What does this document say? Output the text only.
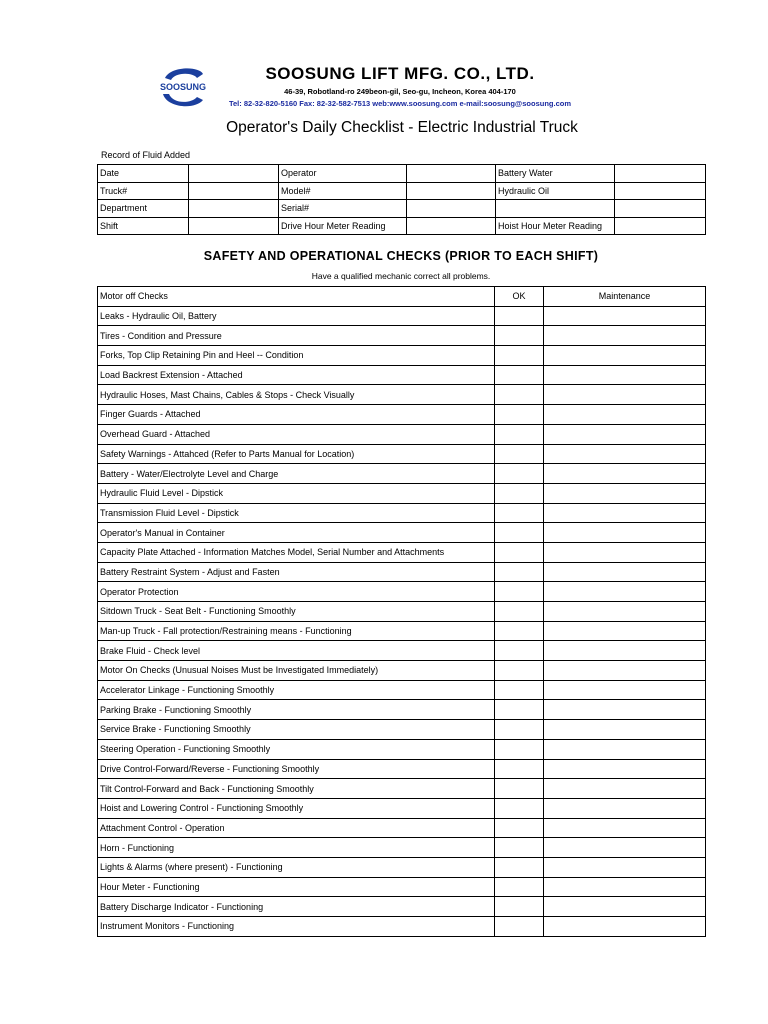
SOOSUNG
SOOSUNG LIFT MFG. CO., LTD.
46-39, Robotland-ro 249beon-gil, Seo-gu, Incheon, Korea 404-170
Tel: 82-32-820-5160 Fax: 82-32-582-7513 web:www.soosung.com e-mail:soosung@soosung.com
Operator's Daily Checklist - Electric Industrial Truck
Record of Fluid Added
Date		Operator		Battery Water	
Truck#		Model#		Hydraulic Oil	
Department		Serial#			
Shift		Drive Hour Meter Reading		Hoist Hour Meter Reading	
SAFETY AND OPERATIONAL CHECKS (PRIOR TO EACH SHIFT)
Have a qualified mechanic correct all problems.
Motor off Checks	OK	Maintenance
Leaks - Hydraulic Oil, Battery		
Tires - Condition and Pressure		
Forks, Top Clip Retaining Pin and Heel -- Condition		
Load Backrest Extension - Attached		
Hydraulic Hoses, Mast Chains, Cables & Stops - Check Visually		
Finger Guards - Attached		
Overhead Guard - Attached		
Safety Warnings - Attahced (Refer to Parts Manual for Location)		
Battery - Water/Electrolyte Level and Charge		
Hydraulic Fluid Level - Dipstick		
Transmission Fluid Level - Dipstick		
Operator's Manual in Container		
Capacity Plate Attached - Information Matches Model, Serial Number and Attachments		
Battery Restraint System - Adjust and Fasten		
Operator Protection		
Sitdown Truck - Seat Belt - Functioning Smoothly		
Man-up Truck - Fall protection/Restraining means - Functioning		
Brake Fluid - Check level		
Motor On Checks (Unusual Noises Must be Investigated Immediately)		
Accelerator Linkage - Functioning Smoothly		
Parking Brake - Functioning Smoothly		
Service Brake - Functioning Smoothly		
Steering Operation - Functioning Smoothly		
Drive Control-Forward/Reverse - Functioning Smoothly		
Tilt Control-Forward and Back - Functioning Smoothly		
Hoist and Lowering Control - Functioning Smoothly		
Attachment Control - Operation		
Horn - Functioning		
Lights & Alarms (where present) - Functioning		
Hour Meter - Functioning		
Battery Discharge Indicator - Functioning		
Instrument Monitors - Functioning		
